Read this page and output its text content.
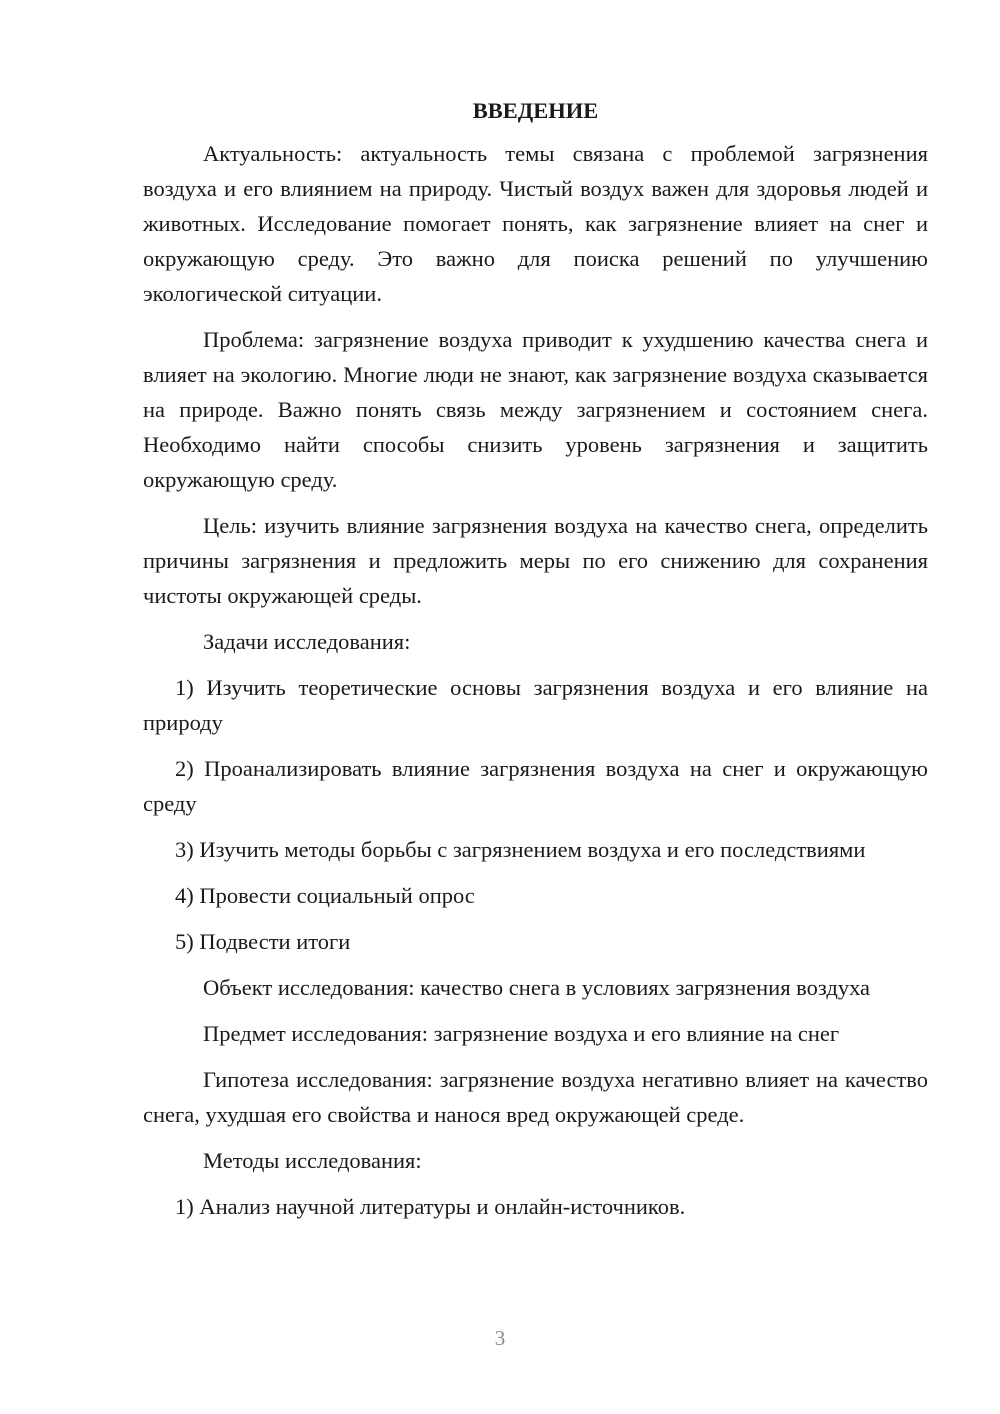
ВВЕДЕНИЕ

Актуальность: актуальность темы связана с проблемой загрязнения воздуха и его влиянием на природу. Чистый воздух важен для здоровья людей и животных. Исследование помогает понять, как загрязнение влияет на снег и окружающую среду. Это важно для поиска решений по улучшению экологической ситуации.

Проблема: загрязнение воздуха приводит к ухудшению качества снега и влияет на экологию. Многие люди не знают, как загрязнение воздуха сказывается на природе. Важно понять связь между загрязнением и состоянием снега. Необходимо найти способы снизить уровень загрязнения и защитить окружающую среду.

Цель: изучить влияние загрязнения воздуха на качество снега, определить причины загрязнения и предложить меры по его снижению для сохранения чистоты окружающей среды.

Задачи исследования:

1) Изучить теоретические основы загрязнения воздуха и его влияние на природу

2) Проанализировать влияние загрязнения воздуха на снег и окружающую среду

3) Изучить методы борьбы с загрязнением воздуха и его последствиями

4) Провести социальный опрос

5) Подвести итоги

Объект исследования: качество снега в условиях загрязнения воздуха

Предмет исследования: загрязнение воздуха и его влияние на снег

Гипотеза исследования: загрязнение воздуха негативно влияет на качество снега, ухудшая его свойства и нанося вред окружающей среде.

Методы исследования:

1) Анализ научной литературы и онлайн-источников.

3
